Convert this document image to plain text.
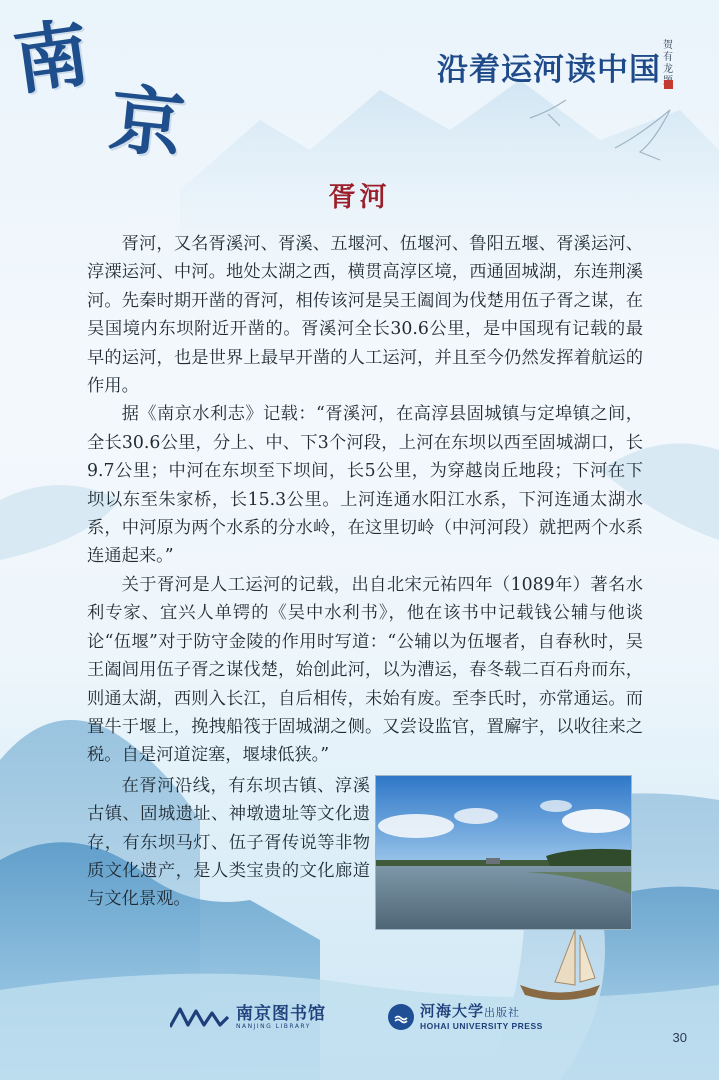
南
京
沿着运河读中国
贺有龙
胥河

胥河，又名胥溪河、胥溪、五堰河、伍堰河、鲁阳五堰、胥溪运河、淳溧运河、中河。地处太湖之西，横贯高淳区境，西通固城湖，东连荆溪河。先秦时期开凿的胥河，相传该河是吴王阖闾为伐楚用伍子胥之谋，在吴国境内东坝附近开凿的。胥溪河全长30.6公里，是中国现有记载的最早的运河，也是世界上最早开凿的人工运河，并且至今仍然发挥着航运的作用。

据《南京水利志》记载：“胥溪河，在高淳县固城镇与定埠镇之间，全长30.6公里，分上、中、下3个河段，上河在东坝以西至固城湖口，长9.7公里；中河在东坝至下坝间，长5公里，为穿越岗丘地段；下河在下坝以东至朱家桥，长15.3公里。上河连通水阳江水系，下河连通太湖水系，中河原为两个水系的分水岭，在这里切岭（中河河段）就把两个水系连通起来。”

关于胥河是人工运河的记载，出自北宋元祐四年（1089年）著名水利专家、宜兴人单锷的《吴中水利书》，他在该书中记载钱公辅与他谈论“伍堰”对于防守金陵的作用时写道：“公辅以为伍堰者，自春秋时，吴王阖闾用伍子胥之谋伐楚，始创此河，以为漕运，春冬载二百石舟而东，则通太湖，西则入长江，自后相传，未始有废。至李氏时，亦常通运。而置牛于堰上，挽拽船筏于固城湖之侧。又尝设监官，置廨宇，以收往来之税。自是河道淀塞，堰埭低狭。”

在胥河沿线，有东坝古镇、淳溪古镇、固城遗址、神墩遗址等文化遗存，有东坝马灯、伍子胥传说等非物质文化遗产，是人类宝贵的文化廊道与文化景观。

南京图书馆
NANJING LIBRARY
河海大学出版社
HOHAI UNIVERSITY PRESS
30
